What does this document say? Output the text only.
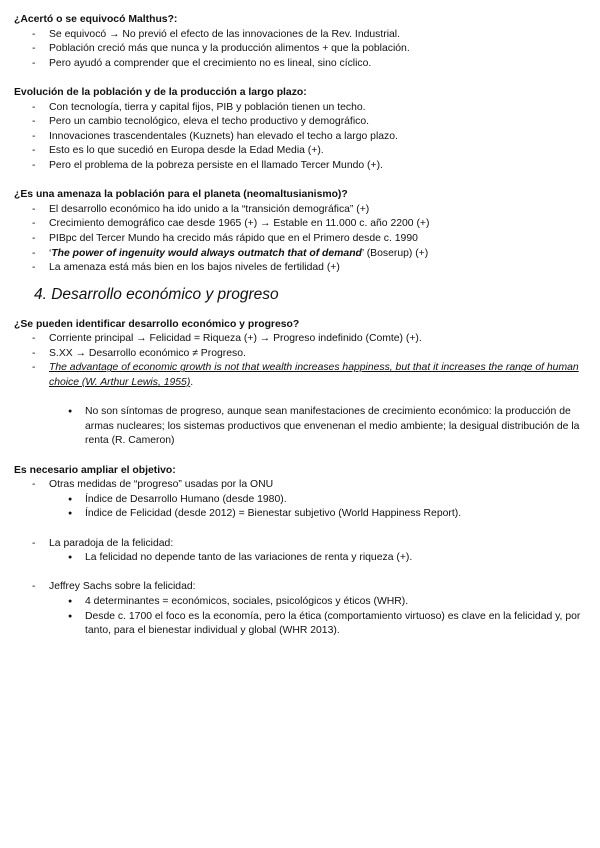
¿Acertó o se equivocó Malthus?:

- Se equivocó → No previó el efecto de las innovaciones de la Rev. Industrial.
- Población creció más que nunca y la producción alimentos + que la población.
- Pero ayudó a comprender que el crecimiento no es lineal, sino cíclico.

Evolución de la población y de la producción a largo plazo:

- Con tecnología, tierra y capital fijos, PIB y población tienen un techo.
- Pero un cambio tecnológico, eleva el techo productivo y demográfico.
- Innovaciones trascendentales (Kuznets) han elevado el techo a largo plazo.
- Esto es lo que sucedió en Europa desde la Edad Media (+).
- Pero el problema de la pobreza persiste en el llamado Tercer Mundo (+).

¿Es una amenaza la población para el planeta (neomaltusianismo)?

- El desarrollo económico ha ido unido a la “transición demográfica” (+)
- Crecimiento demográfico cae desde 1965 (+) → Estable en 11.000 c. año 2200 (+)
- PIBpc del Tercer Mundo ha crecido más rápido que en el Primero desde c. 1990
- ‘The power of ingenuity would always outmatch that of demand’ (Boserup) (+)
- La amenaza está más bien en los bajos niveles de fertilidad (+)
4. Desarrollo económico y progreso

¿Se pueden identificar desarrollo económico y progreso?

- Corriente principal → Felicidad = Riqueza (+) → Progreso indefinido (Comte) (+).
- S.XX → Desarrollo económico ≠ Progreso.
- The advantage of economic growth is not that wealth increases happiness, but that it increases the range of human choice (W. Arthur Lewis, 1955).
● No son síntomas de progreso, aunque sean manifestaciones de crecimiento económico: la producción de armas nucleares; los sistemas productivos que envenenan el medio ambiente; la desigual distribución de la renta (R. Cameron)

Es necesario ampliar el objetivo:

- Otras medidas de “progreso” usadas por la ONU
● Índice de Desarrollo Humano (desde 1980).
● Índice de Felicidad (desde 2012) = Bienestar subjetivo (World Happiness Report).
- La paradoja de la felicidad:
● La felicidad no depende tanto de las variaciones de renta y riqueza (+).
- Jeffrey Sachs sobre la felicidad:
● 4 determinantes = económicos, sociales, psicológicos y éticos (WHR).
● Desde c. 1700 el foco es la economía, pero la ética (comportamiento virtuoso) es clave en la felicidad y, por tanto, para el bienestar individual y global (WHR 2013).
